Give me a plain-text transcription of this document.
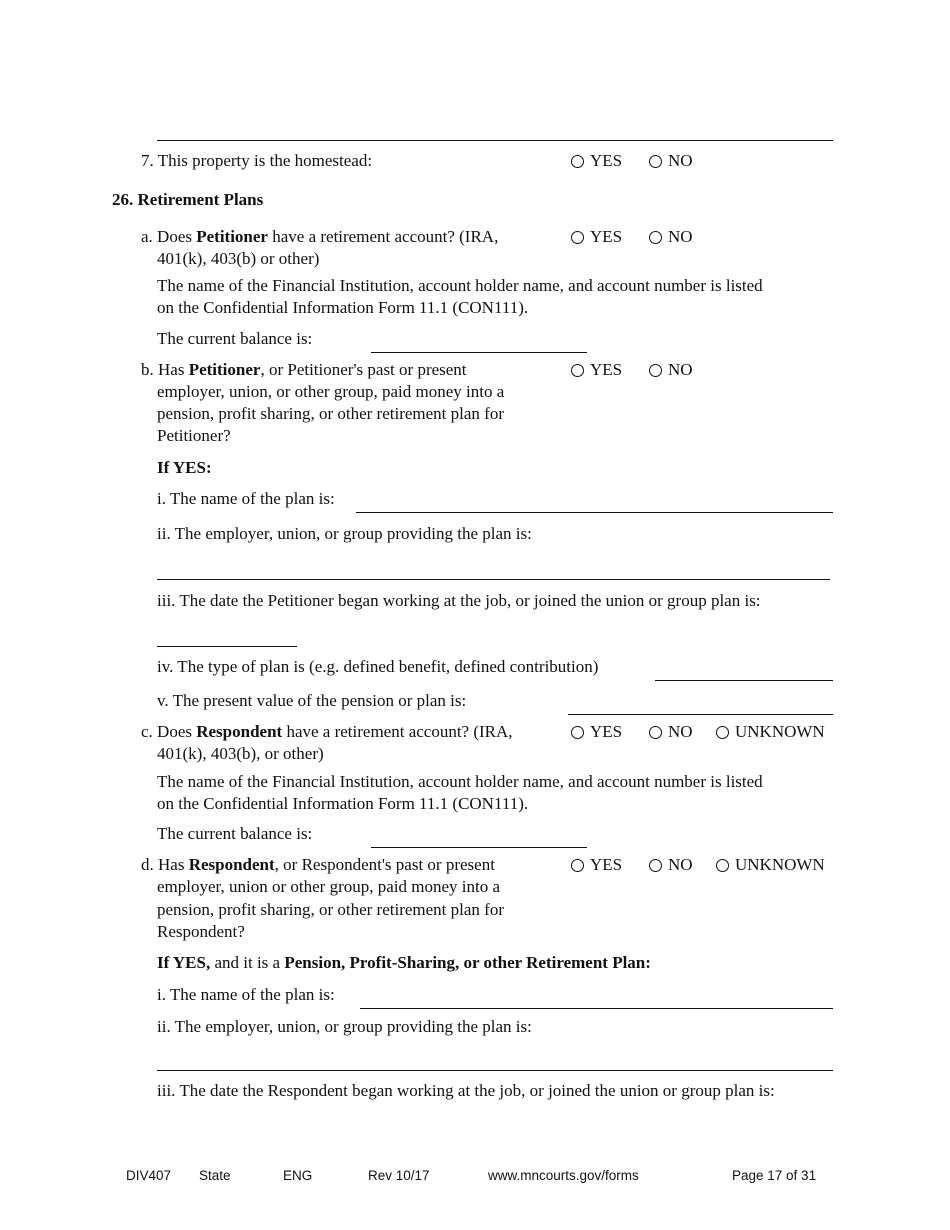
7. This property is the homestead:	YES	NO
26. Retirement Plans
a. Does Petitioner have a retirement account? (IRA,
401(k), 403(b) or other)
YES	NO
The name of the Financial Institution, account holder name, and account number is listed
on the Confidential Information Form 11.1 (CON111).
The current balance is:
b. Has Petitioner, or Petitioner's past or present
employer, union, or other group, paid money into a
pension, profit sharing, or other retirement plan for
Petitioner?
YES	NO
If YES:
i. The name of the plan is:
ii. The employer, union, or group providing the plan is:
iii. The date the Petitioner began working at the job, or joined the union or group plan is:
iv. The type of plan is (e.g. defined benefit, defined contribution)
v. The present value of the pension or plan is:
c. Does Respondent have a retirement account? (IRA,
401(k), 403(b), or other)
YES	NO UNKNOWN
The name of the Financial Institution, account holder name, and account number is listed
on the Confidential Information Form 11.1 (CON111).
The current balance is:
d. Has Respondent, or Respondent's past or present
employer, union or other group, paid money into a
pension, profit sharing, or other retirement plan for
Respondent?
YES	NO UNKNOWN
If YES, and it is a Pension, Profit-Sharing, or other Retirement Plan:
i. The name of the plan is:
ii. The employer, union, or group providing the plan is:
iii. The date the Respondent began working at the job, or joined the union or group plan is:
DIV407 State	ENG	Rev 10/17	www.mncourts.gov/forms	Page 17 of 31
